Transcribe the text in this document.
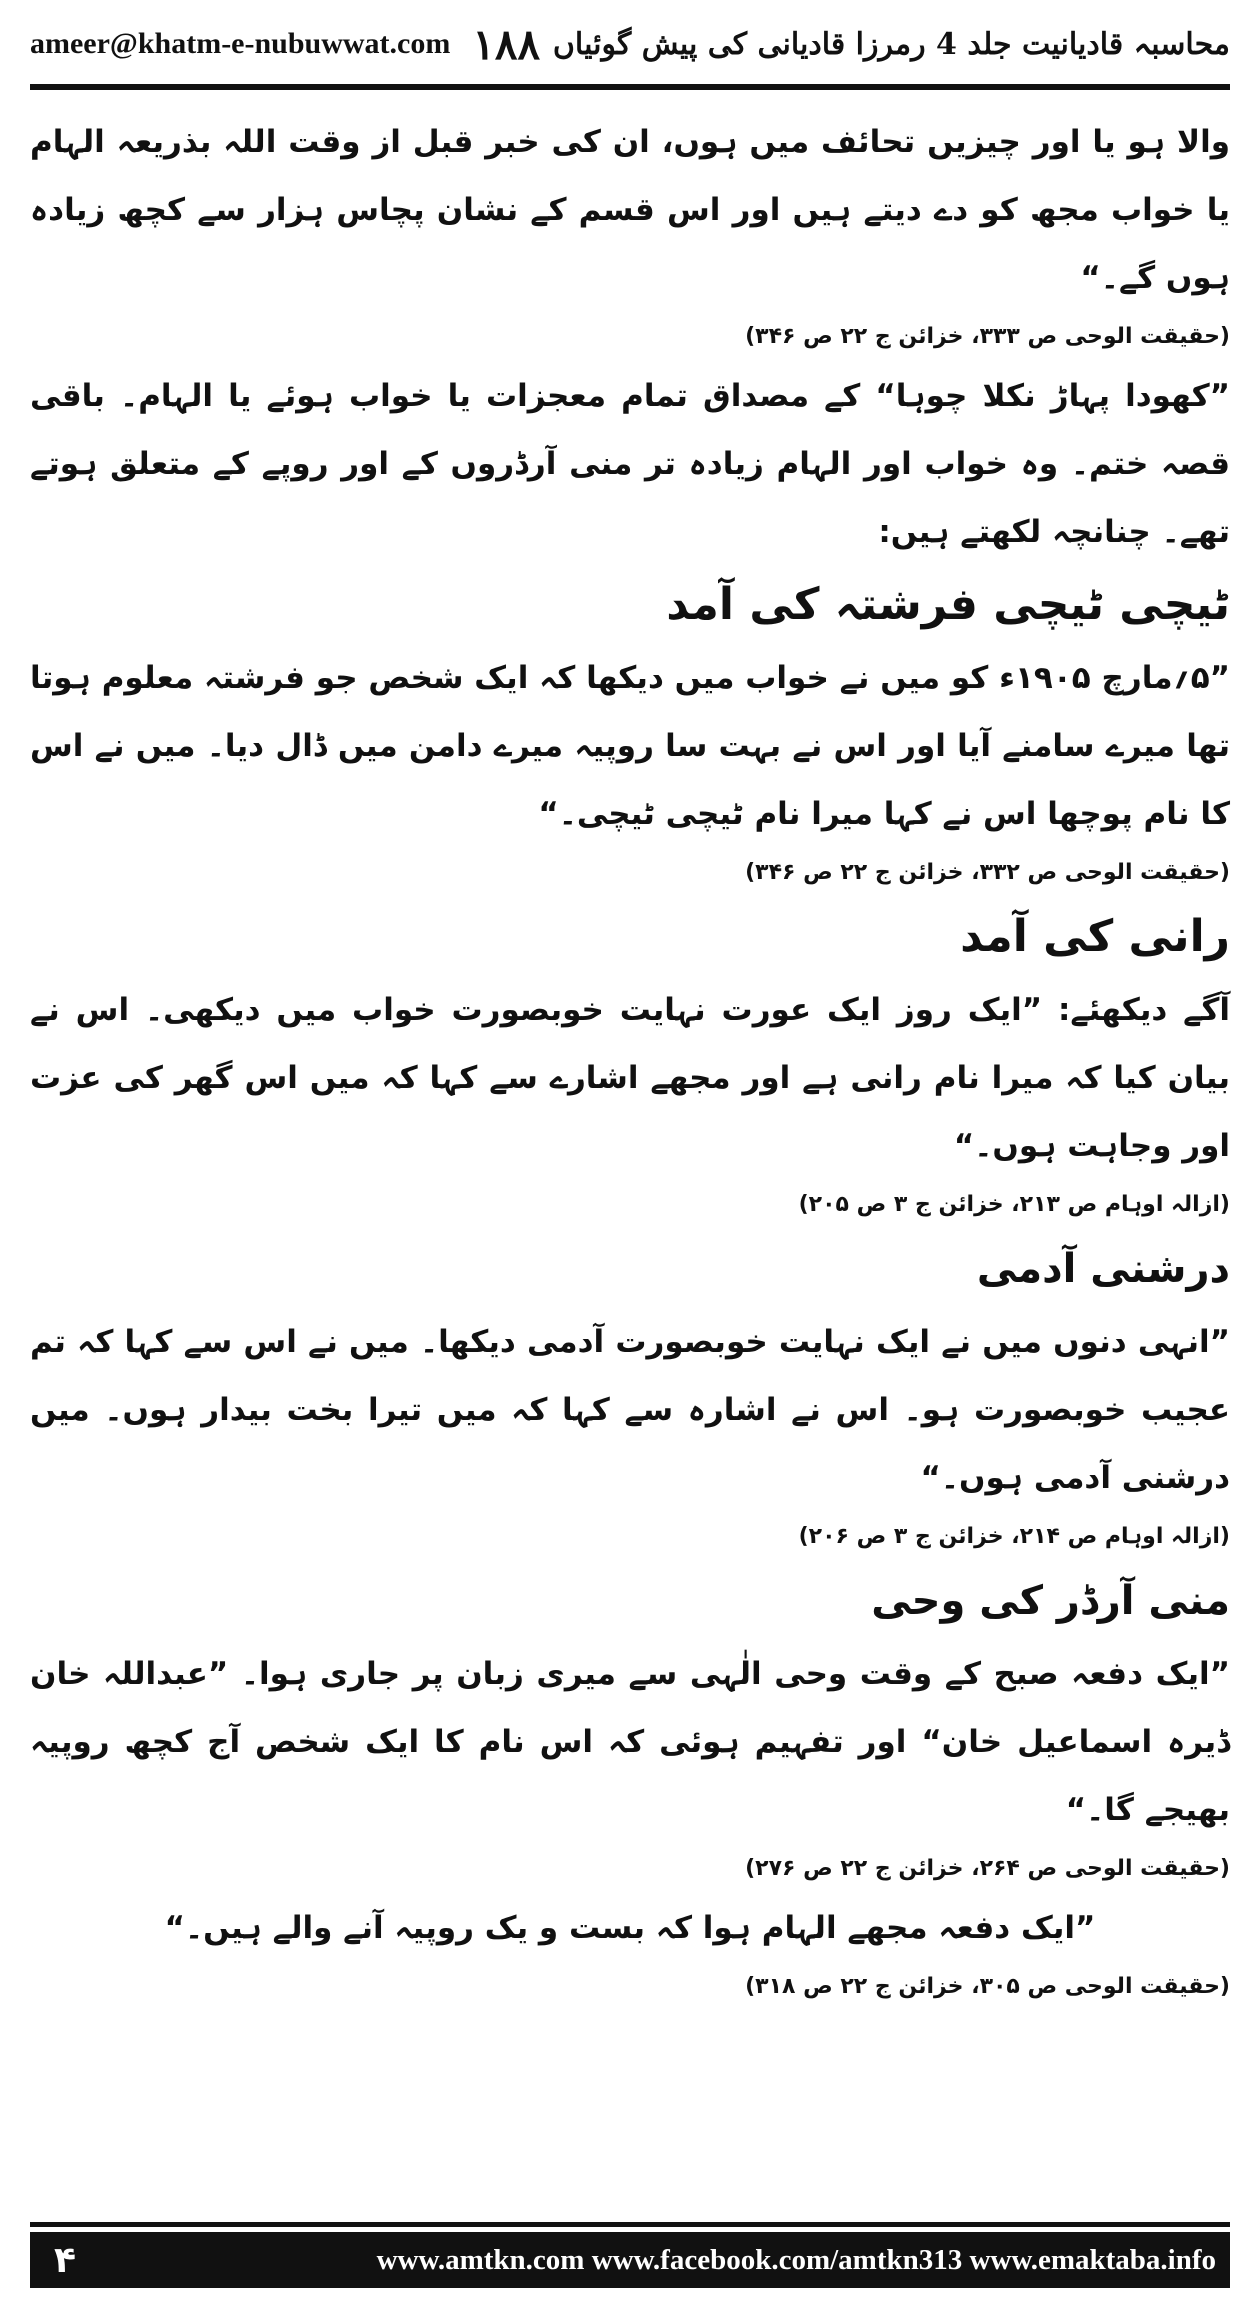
ameer@khatm-e-nubuwwat.com ۱۸۸ محاسبہ قادیانیت جلد 4 رمرزا قادیانی کی پیش گوئیاں

والا ہو یا اور چیزیں تحائف میں ہوں، ان کی خبر قبل از وقت اللہ بذریعہ الہام یا خواب مجھ کو دے دیتے ہیں اور اس قسم کے نشان پچاس ہزار سے کچھ زیادہ ہوں گے۔“

(حقیقت الوحی ص ۳۳۳، خزائن ج ۲۲ ص ۳۴۶)

”کھودا پہاڑ نکلا چوہا“ کے مصداق تمام معجزات یا خواب ہوئے یا الہام۔ باقی قصہ ختم۔ وہ خواب اور الہام زیادہ تر منی آرڈروں کے اور روپے کے متعلق ہوتے تھے۔ چنانچہ لکھتے ہیں:

ٹیچی ٹیچی فرشتہ کی آمد

”۵؍مارچ ۱۹۰۵ء کو میں نے خواب میں دیکھا کہ ایک شخص جو فرشتہ معلوم ہوتا تھا میرے سامنے آیا اور اس نے بہت سا روپیہ میرے دامن میں ڈال دیا۔ میں نے اس کا نام پوچھا اس نے کہا میرا نام ٹیچی ٹیچی۔“

(حقیقت الوحی ص ۳۳۲، خزائن ج ۲۲ ص ۳۴۶)

رانی کی آمد

آگے دیکھئے: ”ایک روز ایک عورت نہایت خوبصورت خواب میں دیکھی۔ اس نے بیان کیا کہ میرا نام رانی ہے اور مجھے اشارے سے کہا کہ میں اس گھر کی عزت اور وجاہت ہوں۔“

(ازالہ اوہام ص ۲۱۳، خزائن ج ۳ ص ۲۰۵)

درشنی آدمی

”انہی دنوں میں نے ایک نہایت خوبصورت آدمی دیکھا۔ میں نے اس سے کہا کہ تم عجیب خوبصورت ہو۔ اس نے اشارہ سے کہا کہ میں تیرا بخت بیدار ہوں۔ میں درشنی آدمی ہوں۔“

(ازالہ اوہام ص ۲۱۴، خزائن ج ۳ ص ۲۰۶)

منی آرڈر کی وحی

”ایک دفعہ صبح کے وقت وحی الٰہی سے میری زبان پر جاری ہوا۔ ”عبداللہ خان ڈیرہ اسماعیل خان“ اور تفہیم ہوئی کہ اس نام کا ایک شخص آج کچھ روپیہ بھیجے گا۔“

(حقیقت الوحی ص ۲۶۴، خزائن ج ۲۲ ص ۲۷۶)

”ایک دفعہ مجھے الہام ہوا کہ بست و یک روپیہ آنے والے ہیں۔“

(حقیقت الوحی ص ۳۰۵، خزائن ج ۲۲ ص ۳۱۸)

۴	www.amtkn.com www.facebook.com/amtkn313 www.emaktaba.info
